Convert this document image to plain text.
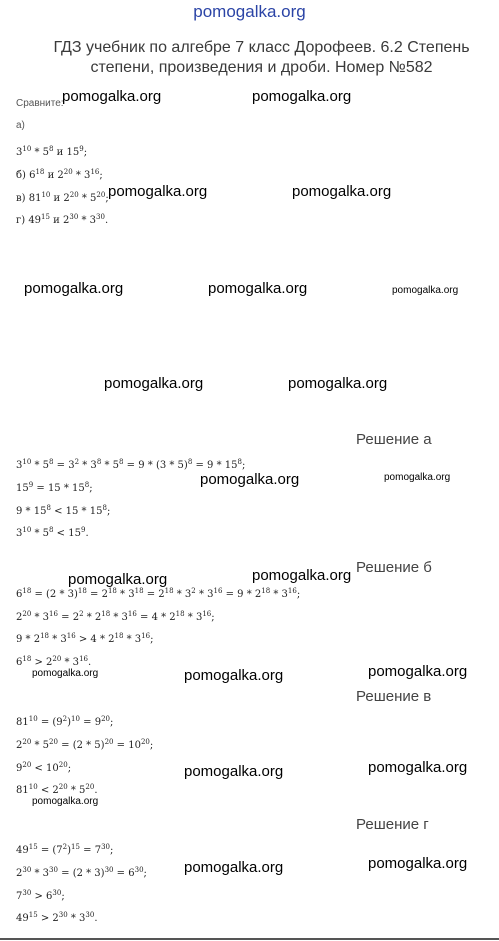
pomogalka.org
ГДЗ учебник по алгебре 7 класс Дорофеев. 6.2 Степень степени, произведения и дроби. Номер №582
Сравните:
а)
$3^{10} * 5^8$ и $15^9$;
б) $6^{18}$ и $2^{20} * 3^{16}$;
в) $81^{10}$ и $2^{20} * 5^{20}$;
г) $49^{15}$ и $2^{30} * 3^{30}$.
Решение а
$3^{10} * 5^8 = 3^2 * 3^8 * 5^8 = 9 * (3 * 5)^8 = 9 * 15^8$;
$15^9 = 15 * 15^8$;
$9 * 15^8 < 15 * 15^8$;
$3^{10} * 5^8 < 15^9$.
Решение б
$6^{18} = (2 * 3)^{18} = 2^{18} * 3^{18} = 2^{18} * 3^2 * 3^{16} = 9 * 2^{18} * 3^{16}$;
$2^{20} * 3^{16} = 2^2 * 2^{18} * 3^{16} = 4 * 2^{18} * 3^{16}$;
$9 * 2^{18} * 3^{16} > 4 * 2^{18} * 3^{16}$;
$6^{18} > 2^{20} * 3^{16}$.
Решение в
$81^{10} = (9^2)^{10} = 9^{20}$;
$2^{20} * 5^{20} = (2 * 5)^{20} = 10^{20}$;
$9^{20} < 10^{20}$;
$81^{10} < 2^{20} * 5^{20}$.
Решение г
$49^{15} = (7^2)^{15} = 7^{30}$;
$2^{30} * 3^{30} = (2 * 3)^{30} = 6^{30}$;
$7^{30} > 6^{30}$;
$49^{15} > 2^{30} * 3^{30}$.
pomogalka.org	pomogalka.org
pomogalka.org	pomogalka.org
pomogalka.org	pomogalka.org	pomogalka.org
pomogalka.org	pomogalka.org
pomogalka.org	pomogalka.org
pomogalka.org	pomogalka.org
pomogalka.org	pomogalka.org	pomogalka.org
pomogalka.org	pomogalka.org
pomogalka.org
pomogalka.org	pomogalka.org
